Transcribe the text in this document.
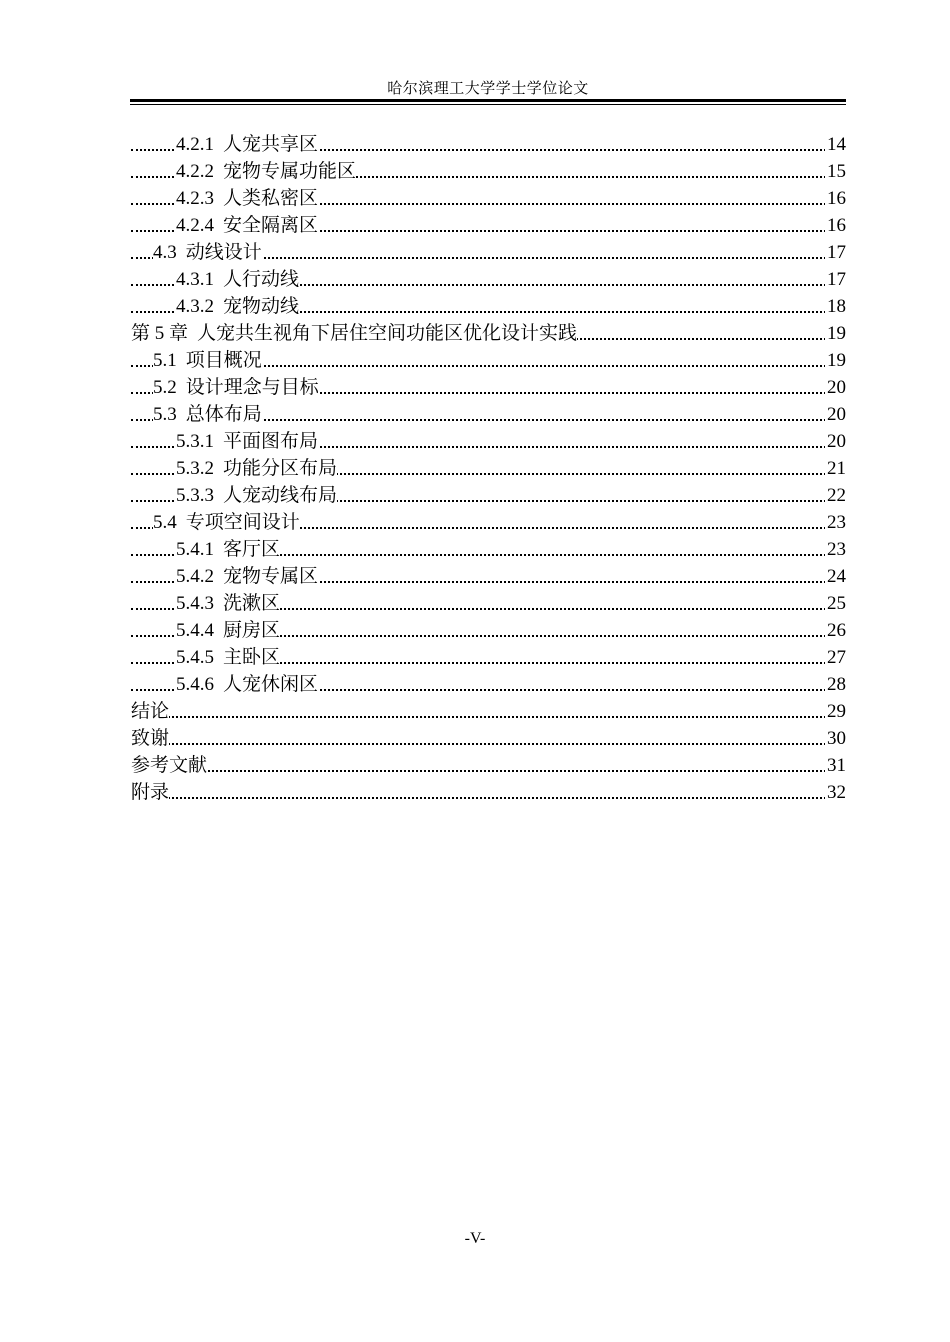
哈尔滨理工大学学士学位论文
4.2.1 人宠共享区	14
4.2.2 宠物专属功能区	15
4.2.3 人类私密区	16
4.2.4 安全隔离区	16
4.3 动线设计	17
4.3.1 人行动线	17
4.3.2 宠物动线	18
第 5 章 人宠共生视角下居住空间功能区优化设计实践	19
5.1 项目概况	19
5.2 设计理念与目标	20
5.3 总体布局	20
5.3.1 平面图布局	20
5.3.2 功能分区布局	21
5.3.3 人宠动线布局	22
5.4 专项空间设计	23
5.4.1 客厅区	23
5.4.2 宠物专属区	24
5.4.3 洗漱区	25
5.4.4 厨房区	26
5.4.5 主卧区	27
5.4.6 人宠休闲区	28
结论	29
致谢	30
参考文献	31
附录	32
-V-
